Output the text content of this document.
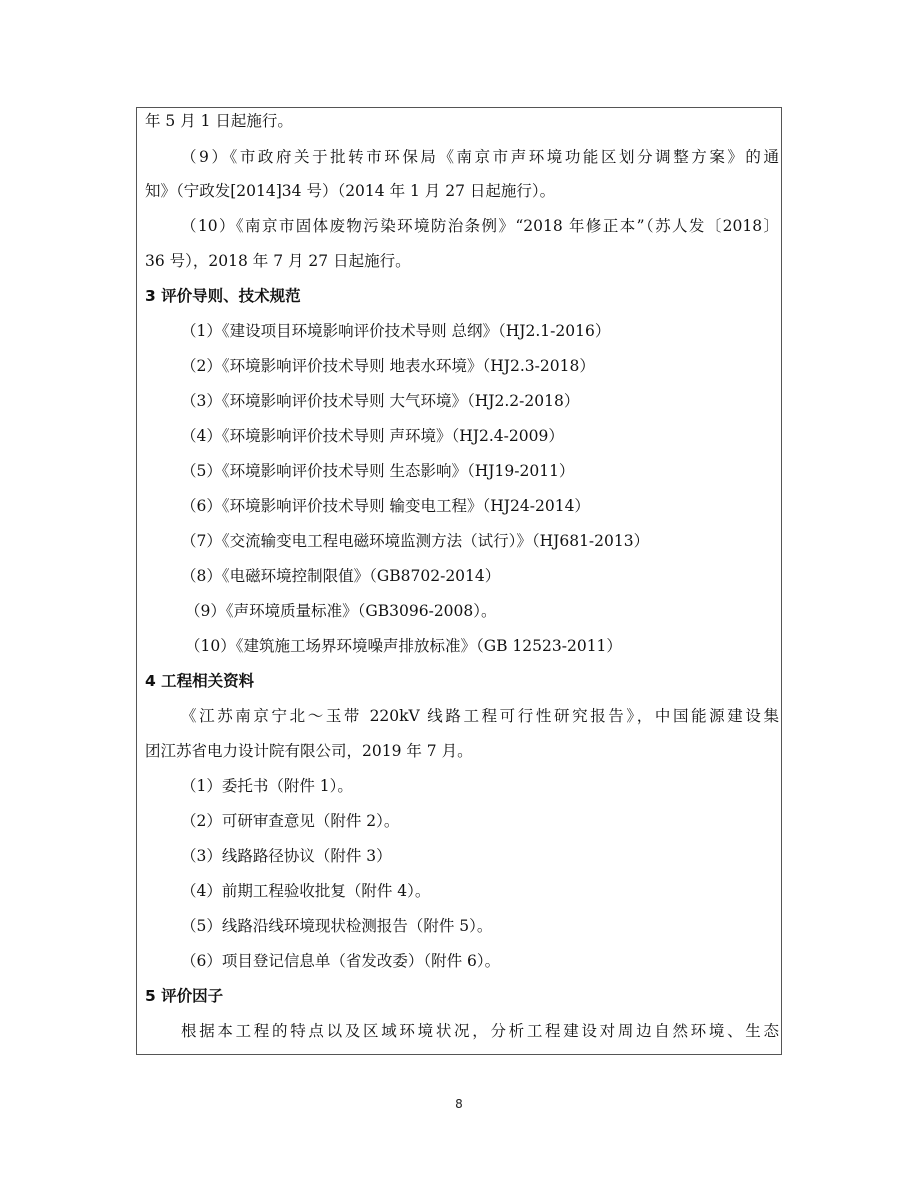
年 5 月 1 日起施行。
（9）《市政府关于批转市环保局《南京市声环境功能区划分调整方案》的通
知》（宁政发[2014]34 号）（2014 年 1 月 27 日起施行）。
（10）《南京市固体废物污染环境防治条例》“2018 年修正本”（苏人发〔2018〕
36 号），2018 年 7 月 27 日起施行。
3 评价导则、技术规范
（1）《建设项目环境影响评价技术导则 总纲》（HJ2.1-2016）
（2）《环境影响评价技术导则 地表水环境》（HJ2.3-2018）
（3）《环境影响评价技术导则 大气环境》（HJ2.2-2018）
（4）《环境影响评价技术导则 声环境》（HJ2.4-2009）
（5）《环境影响评价技术导则 生态影响》（HJ19-2011）
（6）《环境影响评价技术导则 输变电工程》（HJ24-2014）
（7）《交流输变电工程电磁环境监测方法（试行）》（HJ681-2013）
（8）《电磁环境控制限值》（GB8702-2014）
（9）《声环境质量标准》（GB3096-2008）。
（10）《建筑施工场界环境噪声排放标准》（GB 12523-2011）
4 工程相关资料
《江苏南京宁北～玉带 220kV 线路工程可行性研究报告》，中国能源建设集
团江苏省电力设计院有限公司，2019 年 7 月。
（1）委托书（附件 1）。
（2）可研审查意见（附件 2）。
（3）线路路径协议（附件 3）
（4）前期工程验收批复（附件 4）。
（5）线路沿线环境现状检测报告（附件 5）。
（6）项目登记信息单（省发改委）（附件 6）。
5 评价因子
根据本工程的特点以及区域环境状况，分析工程建设对周边自然环境、生态
8
